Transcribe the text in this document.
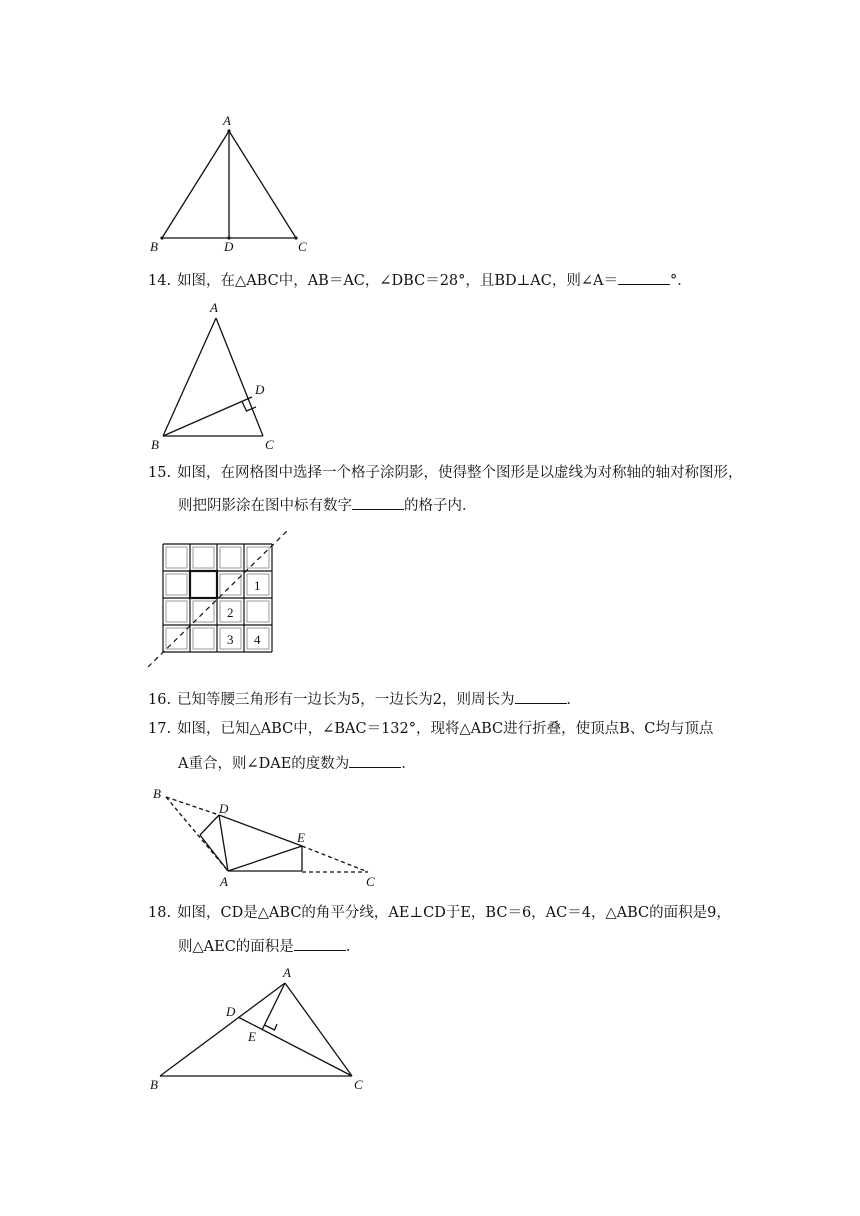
A
B	C
D
A
B	C
D
1
2
3 4
B
D
E
A	C
A
D
E
B	C
14. 如图，在△ABC中，AB＝AC，∠DBC＝28°，且BD⊥AC，则∠A＝	°．
15. 如图，在网格图中选择一个格子涂阴影，使得整个图形是以虚线为对称轴的轴对称图形，
则把阴影涂在图中标有数字	的格子内．
16. 已知等腰三角形有一边长为5，一边长为2，则周长为	．
17. 如图，已知△ABC中，∠BAC＝132°，现将△ABC进行折叠，使顶点B、C均与顶点
A重合，则∠DAE的度数为	．
18. 如图，CD是△ABC的角平分线，AE⊥CD于E，BC＝6，AC＝4，△ABC的面积是9，
则△AEC的面积是	．
